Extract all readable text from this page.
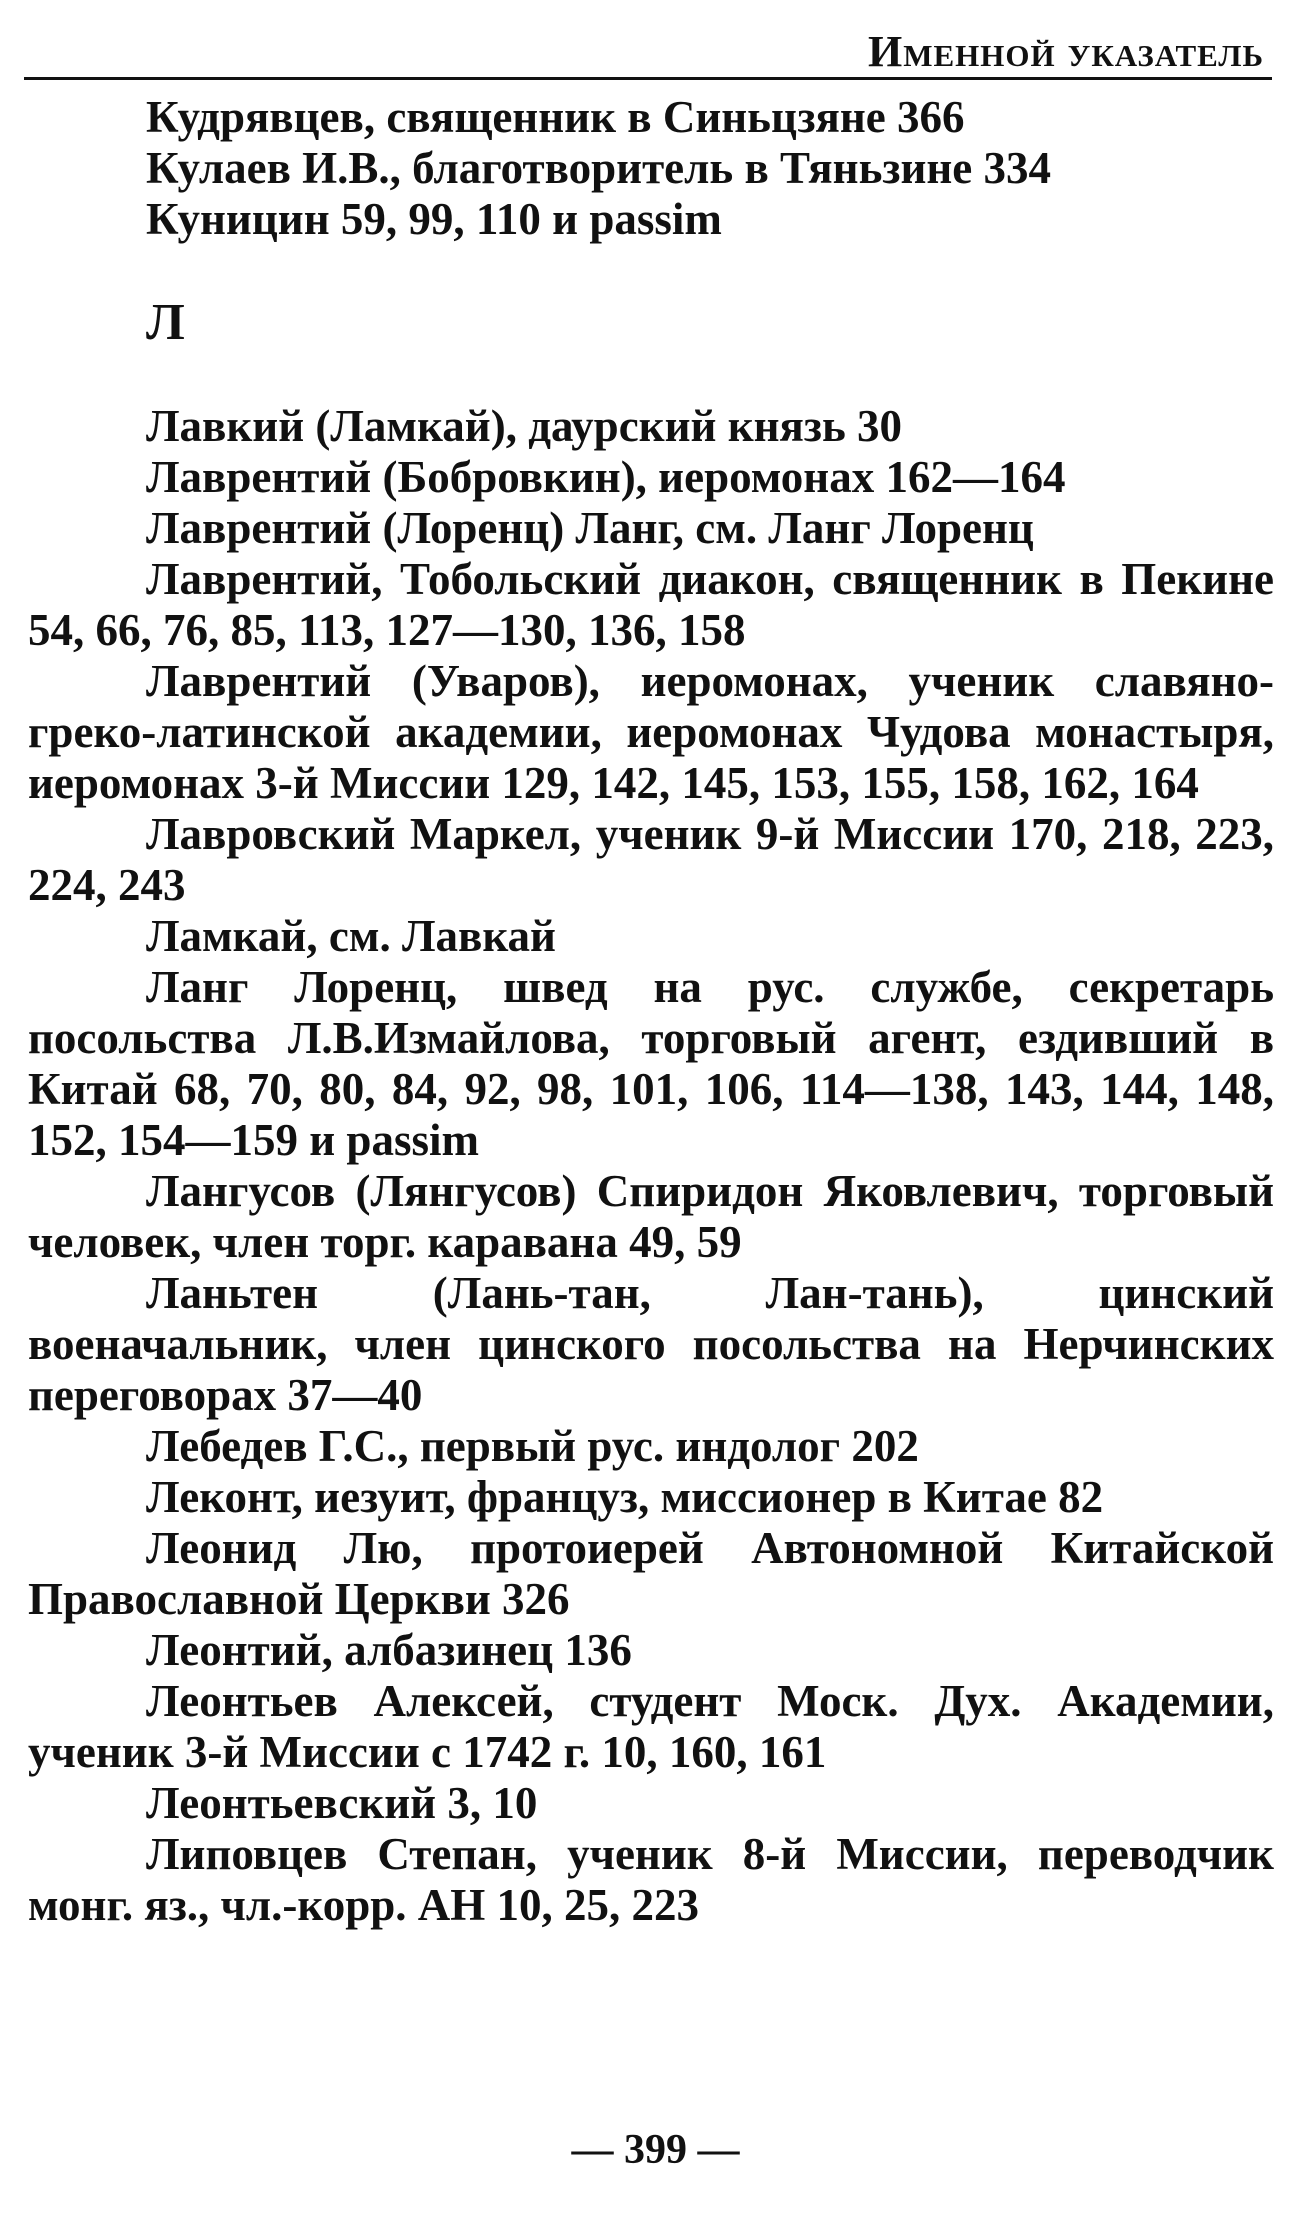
Именной указатель

Кудрявцев, священник в Синьцзяне 366

Кулаев И.В., благотворитель в Тяньзине 334

Куницин 59, 99, 110 и passim

Л

Лавкий (Ламкай), даурский князь 30

Лаврентий (Бобровкин), иеромонах 162—164

Лаврентий (Лоренц) Ланг, см. Ланг Лоренц

Лаврентий, Тобольский диакон, священник в Пекине 54, 66, 76, 85, 113, 127—130, 136, 158

Лаврентий (Уваров), иеромонах, ученик славяно-греко-латинской академии, иеромонах Чудова монастыря, иеромонах 3-й Миссии 129, 142, 145, 153, 155, 158, 162, 164

Лавровский Маркел, ученик 9-й Миссии 170, 218, 223, 224, 243

Ламкай, см. Лавкай

Ланг Лоренц, швед на рус. службе, секретарь посольства Л.В.Измайлова, торговый агент, ездивший в Китай 68, 70, 80, 84, 92, 98, 101, 106, 114—138, 143, 144, 148, 152, 154—159 и passim

Лангусов (Лянгусов) Спиридон Яковлевич, торговый человек, член торг. каравана 49, 59

Ланьтен (Лань-тан, Лан-тань), цинский военачальник, член цинского посольства на Нерчинских переговорах 37—40

Лебедев Г.С., первый рус. индолог 202

Леконт, иезуит, француз, миссионер в Китае 82

Леонид Лю, протоиерей Автономной Китайской Православной Церкви 326

Леонтий, албазинец 136

Леонтьев Алексей, студент Моск. Дух. Академии, ученик 3-й Миссии с 1742 г. 10, 160, 161

Леонтьевский 3, 10

Липовцев Степан, ученик 8-й Миссии, переводчик монг. яз., чл.-корр. АН 10, 25, 223

— 399 —
